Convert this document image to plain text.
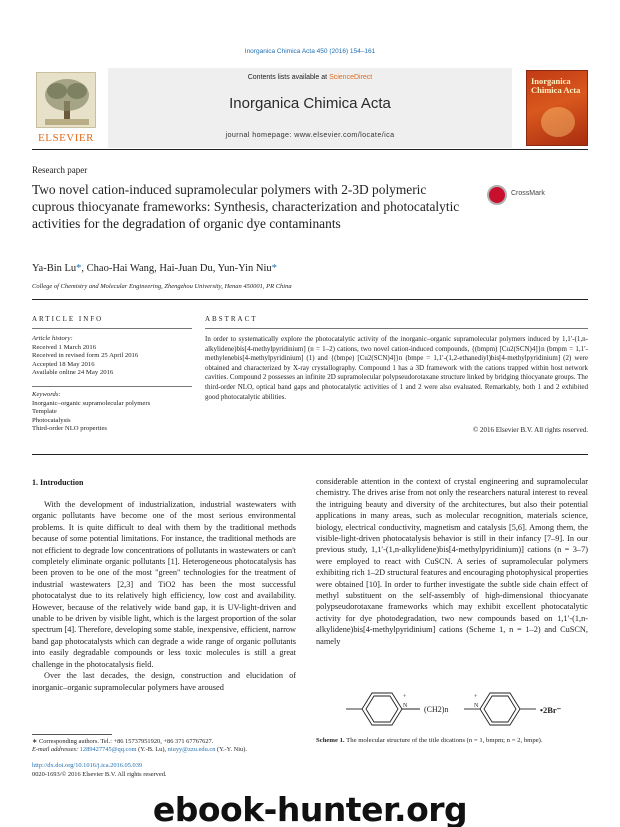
Inorganica Chimica Acta 450 (2016) 154–161
ELSEVIER
Contents lists available at ScienceDirect
Inorganica Chimica Acta
journal homepage: www.elsevier.com/locate/ica
Inorganica Chimica Acta
Research paper
Two novel cation-induced supramolecular polymers with 2-3D polymeric cuprous thiocyanate frameworks: Synthesis, characterization and photocatalytic activities for the degradation of organic dye contaminants
CrossMark
Ya-Bin Lu*, Chao-Hai Wang, Hai-Juan Du, Yun-Yin Niu*
College of Chemistry and Molecular Engineering, Zhengzhou University, Henan 450001, PR China
ARTICLE INFO	ABSTRACT
Article history:
Received 1 March 2016
Received in revised form 25 April 2016
Accepted 18 May 2016
Available online 24 May 2016
Keywords:
Inorganic–organic supramolecular polymers
Template
Photocatalysis
Third-order NLO properties
In order to systematically explore the photocatalytic activity of the inorganic–organic supramolecular polymers induced by 1,1′-(1,n-alkylidene)bis[4-methylpyridinium] (n = 1–2) cations, two novel cation-induced compounds, {(bmpm) [Cu2(SCN)4]}n (bmpm = 1,1′-methylenebis[4-methylpyridinium] (1) and {(bmpe) [Cu2(SCN)4]}n (bmpe = 1,1′-(1,2-ethanediyl)bis[4-methylpyridinium] (2) were obtained and characterized by X-ray crystallography. Compound 1 has a 3D framework with the cations trapped within host network cavities. Compound 2 possesses an infinite 2D supramolecular polypseudorotaxane structure linked by bridging thiocyanate groups. The third-order NLO, optical band gaps and photocatalytic activities of 1 and 2 were also evaluated. Remarkably, both 1 and 2 exhibited good photocatalytic abilities.
© 2016 Elsevier B.V. All rights reserved.
1. Introduction

With the development of industrialization, industrial wastewaters with organic pollutants have become one of the most serious environmental problems. It is quite difficult to deal with them by the traditional methods because of some potential limitations. For instance, the traditional methods are not efficient to degrade low concentrations of pollutants in wastewaters or can't completely eliminate organic pollutants [1]. Heterogeneous photocatalysis has been proven to be one of the most "green" technologies for the treatment of industrial wastewaters [2,3] and TiO2 has been the most successful photocatalyst due to its relatively high efficiency, low cost and availability. However, because of the relatively wide band gap, it is UV-light-driven and unable to be driven by visible light, which is the largest proportion of the solar spectrum [4]. Therefore, developing some stable, inexpensive, efficient, narrow band gap photocatalysts which can degrade a wide range of organic pollutants into easily degradable compounds or less toxic molecules is still a great challenge in the photocatalysis field.

Over the last decades, the design, construction and elucidation of inorganic–organic supramolecular polymers have aroused

considerable attention in the context of crystal engineering and supramolecular chemistry. The drives arise from not only the researchers natural interest to reveal the intriguing beauty and diversity of the architectures, but also their potential applications in many areas, such as molecular recognition, materials science, biology, electrical conductivity, magnetism and catalysis [5,6]. Among them, the visible-light-driven photocatalysis behavior is still in their infancy [7–9]. In our previous study, 1,1′-(1,n-alkylidene)bis[4-methylpyridinium)] cations (n = 3–7) were employed to react with CuSCN. A series of supramolecular polymers exhibiting rich 1–2D structural features and encouraging photophysical properties were obtained [10]. In order to further investigate the subtle side chain effect of methyl substituent on the self-assembly of high-dimensional thiocyanate polypseudorotaxane frameworks which may exhibit excellent photocatalytic activity for dye photodegradation, two new compounds based on 1,1′-(1,n-alkylidene)bis[4-methylpyridinium] cations (Scheme 1, n = 1–2) and CuSCN, namely

N
+
N
+
(CH2)n	•2Br⁻
Scheme 1. The molecular structure of the title dications (n = 1, bmpm; n = 2, bmpe).
∗ Corresponding authors. Tel.: +86 15737951920, +86 371 67767627.
E-mail addresses: 1289427745@qq.com (Y.-B. Lu), niuyy@zzu.edu.cn (Y.-Y. Niu).
http://dx.doi.org/10.1016/j.ica.2016.05.039
0020-1693/© 2016 Elsevier B.V. All rights reserved.
ebook-hunter.org
